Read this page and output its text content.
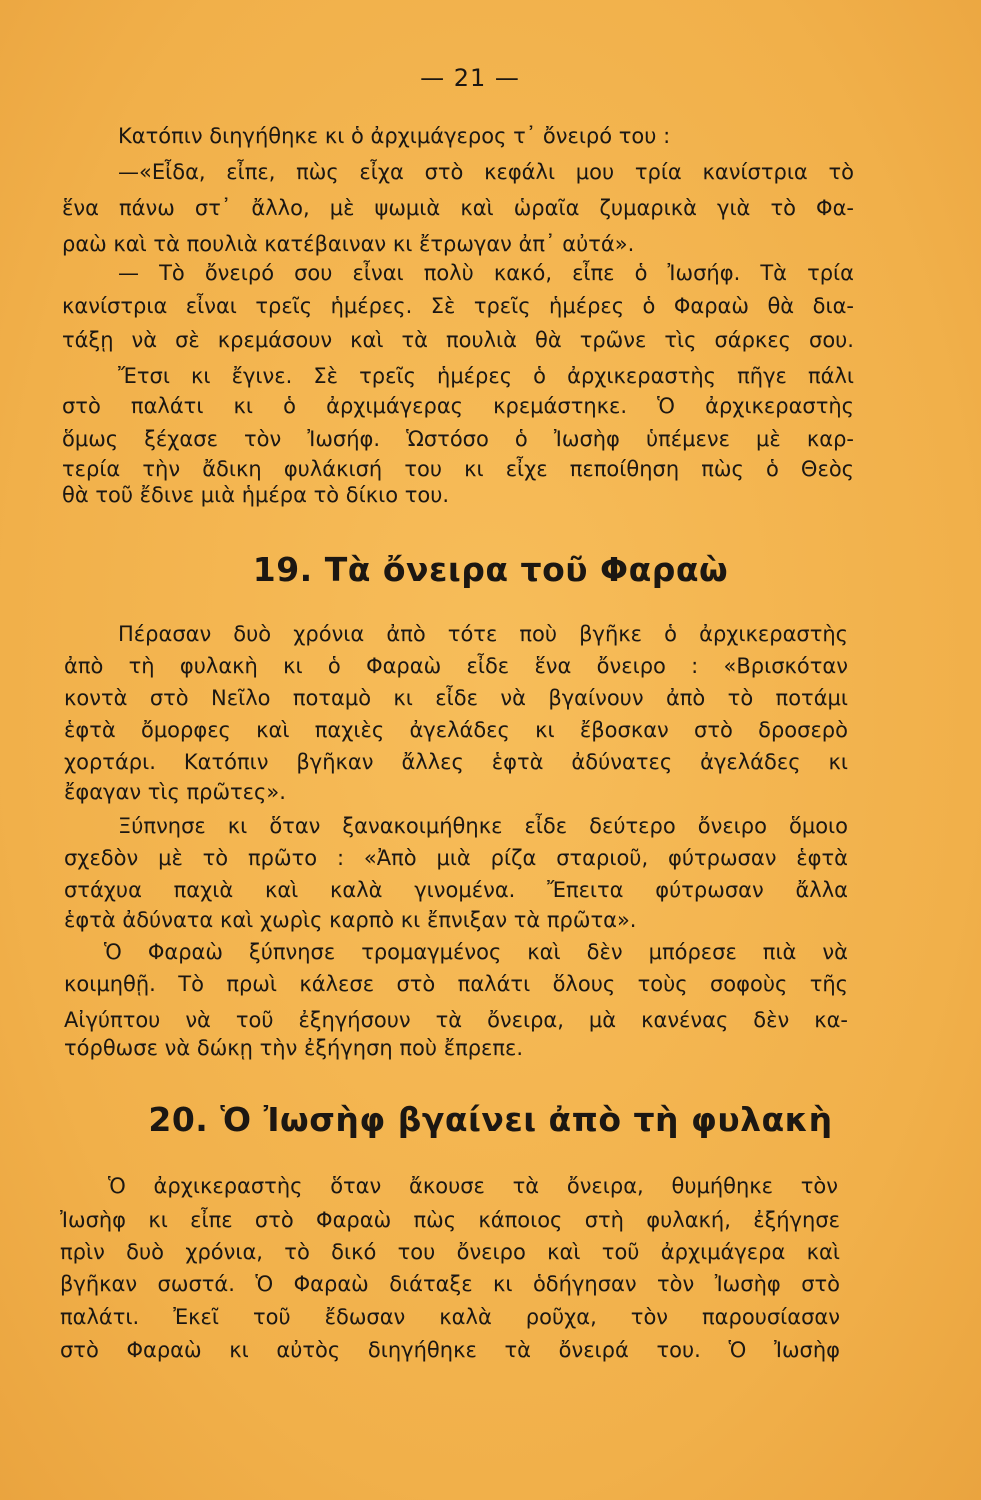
— 21 —
Κατόπιν διηγήθηκε κι ὁ ἀρχιμάγερος τ᾿ ὄνειρό του :
—«Εἶδα, εἶπε, πὼς εἶχα στὸ κεφάλι μου τρία κανίστρια τὸ
ἕνα πάνω στ᾿ ἄλλο, μὲ ψωμιὰ καὶ ὡραῖα ζυμαρικὰ γιὰ τὸ Φα-
ραὼ καὶ τὰ πουλιὰ κατέβαιναν κι ἔτρωγαν ἀπ᾿ αὐτά».
— Τὸ ὄνειρό σου εἶναι πολὺ κακό, εἶπε ὁ Ἰωσήφ. Τὰ τρία
κανίστρια εἶναι τρεῖς ἡμέρες. Σὲ τρεῖς ἡμέρες ὁ Φαραὼ θὰ δια-
τάξῃ νὰ σὲ κρεμάσουν καὶ τὰ πουλιὰ θὰ τρῶνε τὶς σάρκες σου.
Ἔτσι κι ἔγινε. Σὲ τρεῖς ἡμέρες ὁ ἀρχικεραστὴς πῆγε πάλι
στὸ παλάτι κι ὁ ἀρχιμάγερας κρεμάστηκε. Ὁ ἀρχικεραστὴς
ὅμως ξέχασε τὸν Ἰωσήφ. Ὡστόσο ὁ Ἰωσὴφ ὑπέμενε μὲ καρ-
τερία τὴν ἄδικη φυλάκισή του κι εἶχε πεποίθηση πὼς ὁ Θεὸς
θὰ τοῦ ἔδινε μιὰ ἡμέρα τὸ δίκιο του.
19. Τὰ ὄνειρα τοῦ Φαραὼ
Πέρασαν δυὸ χρόνια ἀπὸ τότε ποὺ βγῆκε ὁ ἀρχικεραστὴς
ἀπὸ τὴ φυλακὴ κι ὁ Φαραὼ εἶδε ἕνα ὄνειρο : «Βρισκόταν
κοντὰ στὸ Νεῖλο ποταμὸ κι εἶδε νὰ βγαίνουν ἀπὸ τὸ ποτάμι
ἑφτὰ ὄμορφες καὶ παχιὲς ἀγελάδες κι ἔβοσκαν στὸ δροσερὸ
χορτάρι. Κατόπιν βγῆκαν ἄλλες ἑφτὰ ἀδύνατες ἀγελάδες κι
ἔφαγαν τὶς πρῶτες».
Ξύπνησε κι ὅταν ξανακοιμήθηκε εἶδε δεύτερο ὄνειρο ὅμοιο
σχεδὸν μὲ τὸ πρῶτο : «Ἀπὸ μιὰ ρίζα σταριοῦ, φύτρωσαν ἑφτὰ
στάχυα παχιὰ καὶ καλὰ γινομένα. Ἔπειτα φύτρωσαν ἄλλα
ἑφτὰ ἀδύνατα καὶ χωρὶς καρπὸ κι ἔπνιξαν τὰ πρῶτα».
Ὁ Φαραὼ ξύπνησε τρομαγμένος καὶ δὲν μπόρεσε πιὰ νὰ
κοιμηθῇ. Τὸ πρωὶ κάλεσε στὸ παλάτι ὅλους τοὺς σοφοὺς τῆς
Αἰγύπτου νὰ τοῦ ἐξηγήσουν τὰ ὄνειρα, μὰ κανένας δὲν κα-
τόρθωσε νὰ δώκῃ τὴν ἐξήγηση ποὺ ἔπρεπε.
20. Ὁ Ἰωσὴφ βγαίνει ἀπὸ τὴ φυλακὴ
Ὁ ἀρχικεραστὴς ὅταν ἄκουσε τὰ ὄνειρα, θυμήθηκε τὸν
Ἰωσὴφ κι εἶπε στὸ Φαραὼ πὼς κάποιος στὴ φυλακή, ἐξήγησε
πρὶν δυὸ χρόνια, τὸ δικό του ὄνειρο καὶ τοῦ ἀρχιμάγερα καὶ
βγῆκαν σωστά. Ὁ Φαραὼ διάταξε κι ὁδήγησαν τὸν Ἰωσὴφ στὸ
παλάτι. Ἐκεῖ τοῦ ἔδωσαν καλὰ ροῦχα, τὸν παρουσίασαν
στὸ Φαραὼ κι αὐτὸς διηγήθηκε τὰ ὄνειρά του. Ὁ Ἰωσὴφ
